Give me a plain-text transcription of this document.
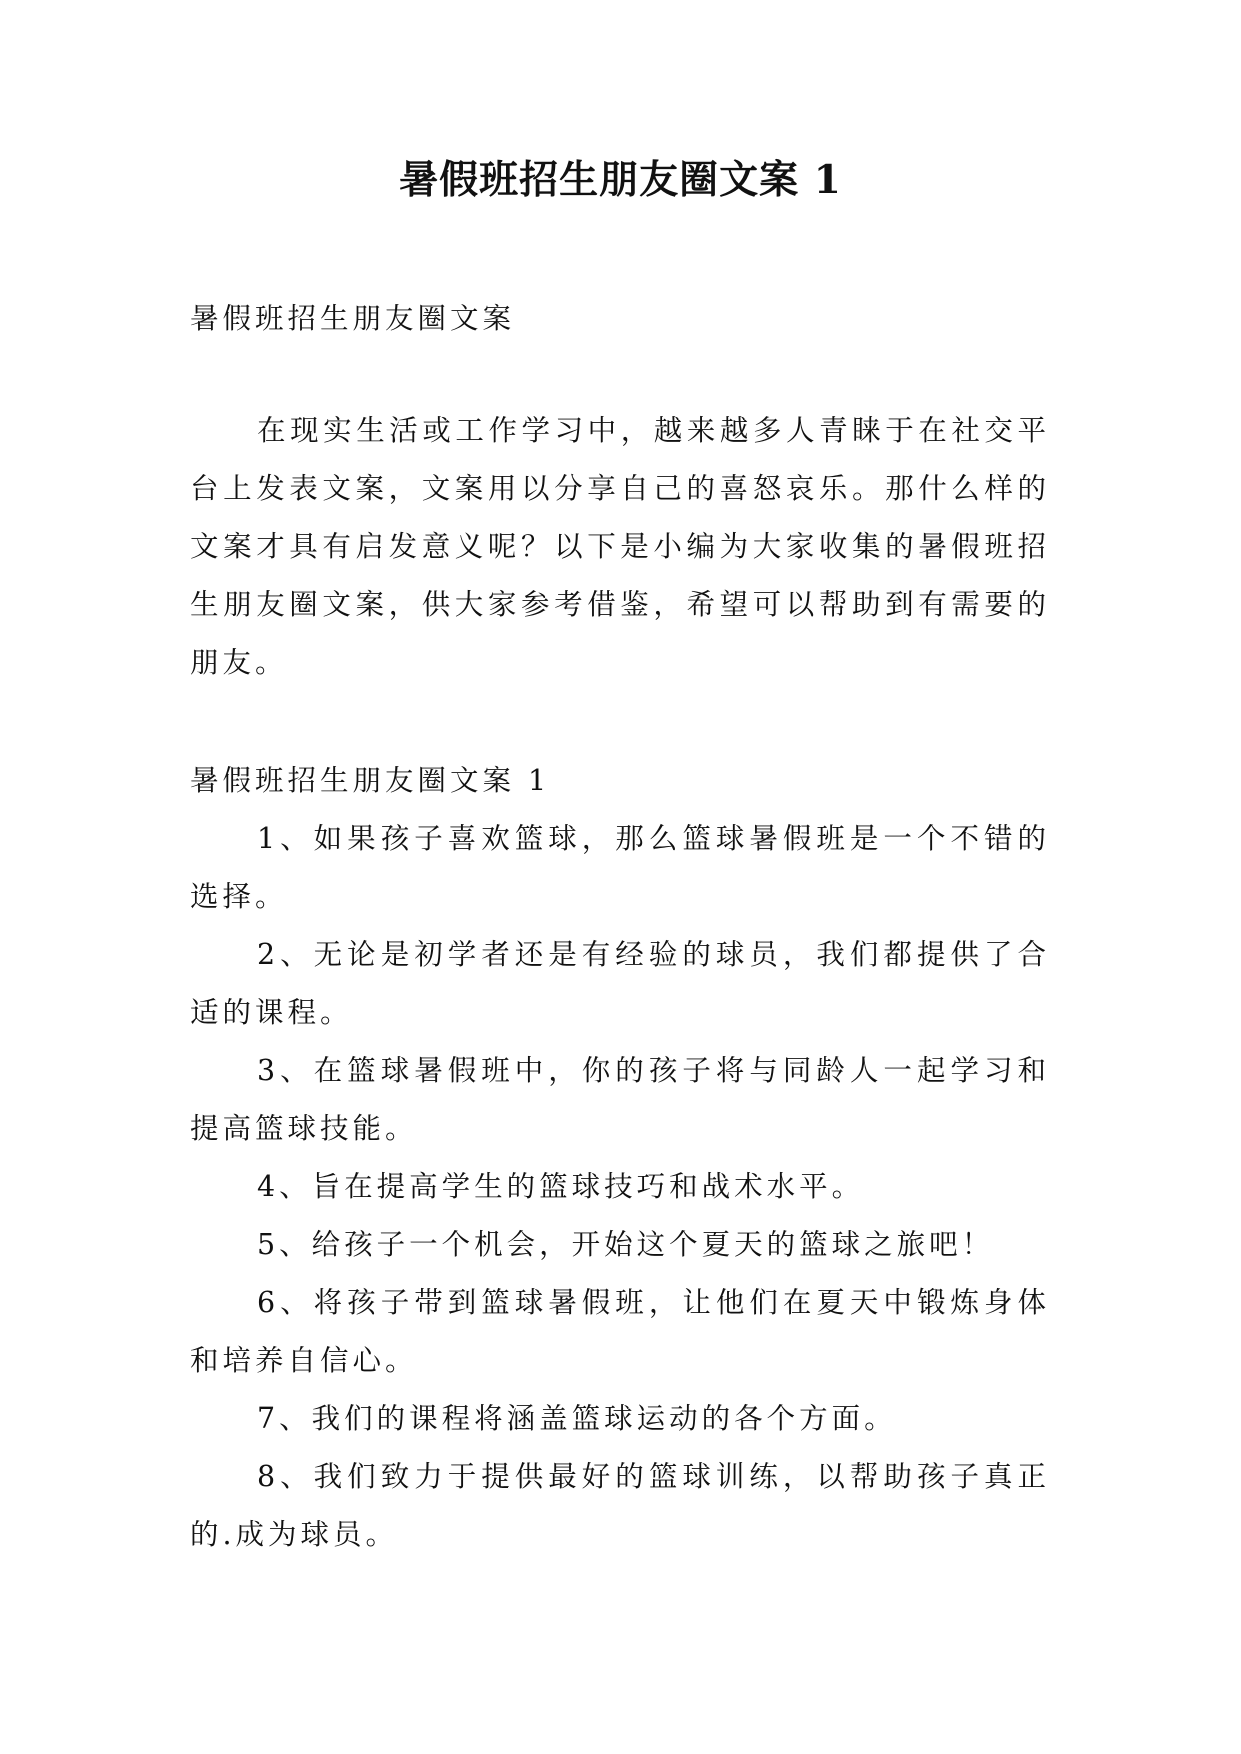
暑假班招生朋友圈文案 1
暑假班招生朋友圈文案

在现实生活或工作学习中，越来越多人青睐于在社交平台上发表文案，文案用以分享自己的喜怒哀乐。那什么样的文案才具有启发意义呢？以下是小编为大家收集的暑假班招生朋友圈文案，供大家参考借鉴，希望可以帮助到有需要的朋友。

暑假班招生朋友圈文案 1

1、如果孩子喜欢篮球，那么篮球暑假班是一个不错的选择。

2、无论是初学者还是有经验的球员，我们都提供了合适的课程。

3、在篮球暑假班中，你的孩子将与同龄人一起学习和提高篮球技能。

4、旨在提高学生的篮球技巧和战术水平。

5、给孩子一个机会，开始这个夏天的篮球之旅吧！

6、将孩子带到篮球暑假班，让他们在夏天中锻炼身体和培养自信心。

7、我们的课程将涵盖篮球运动的各个方面。

8、我们致力于提供最好的篮球训练，以帮助孩子真正的.成为球员。
